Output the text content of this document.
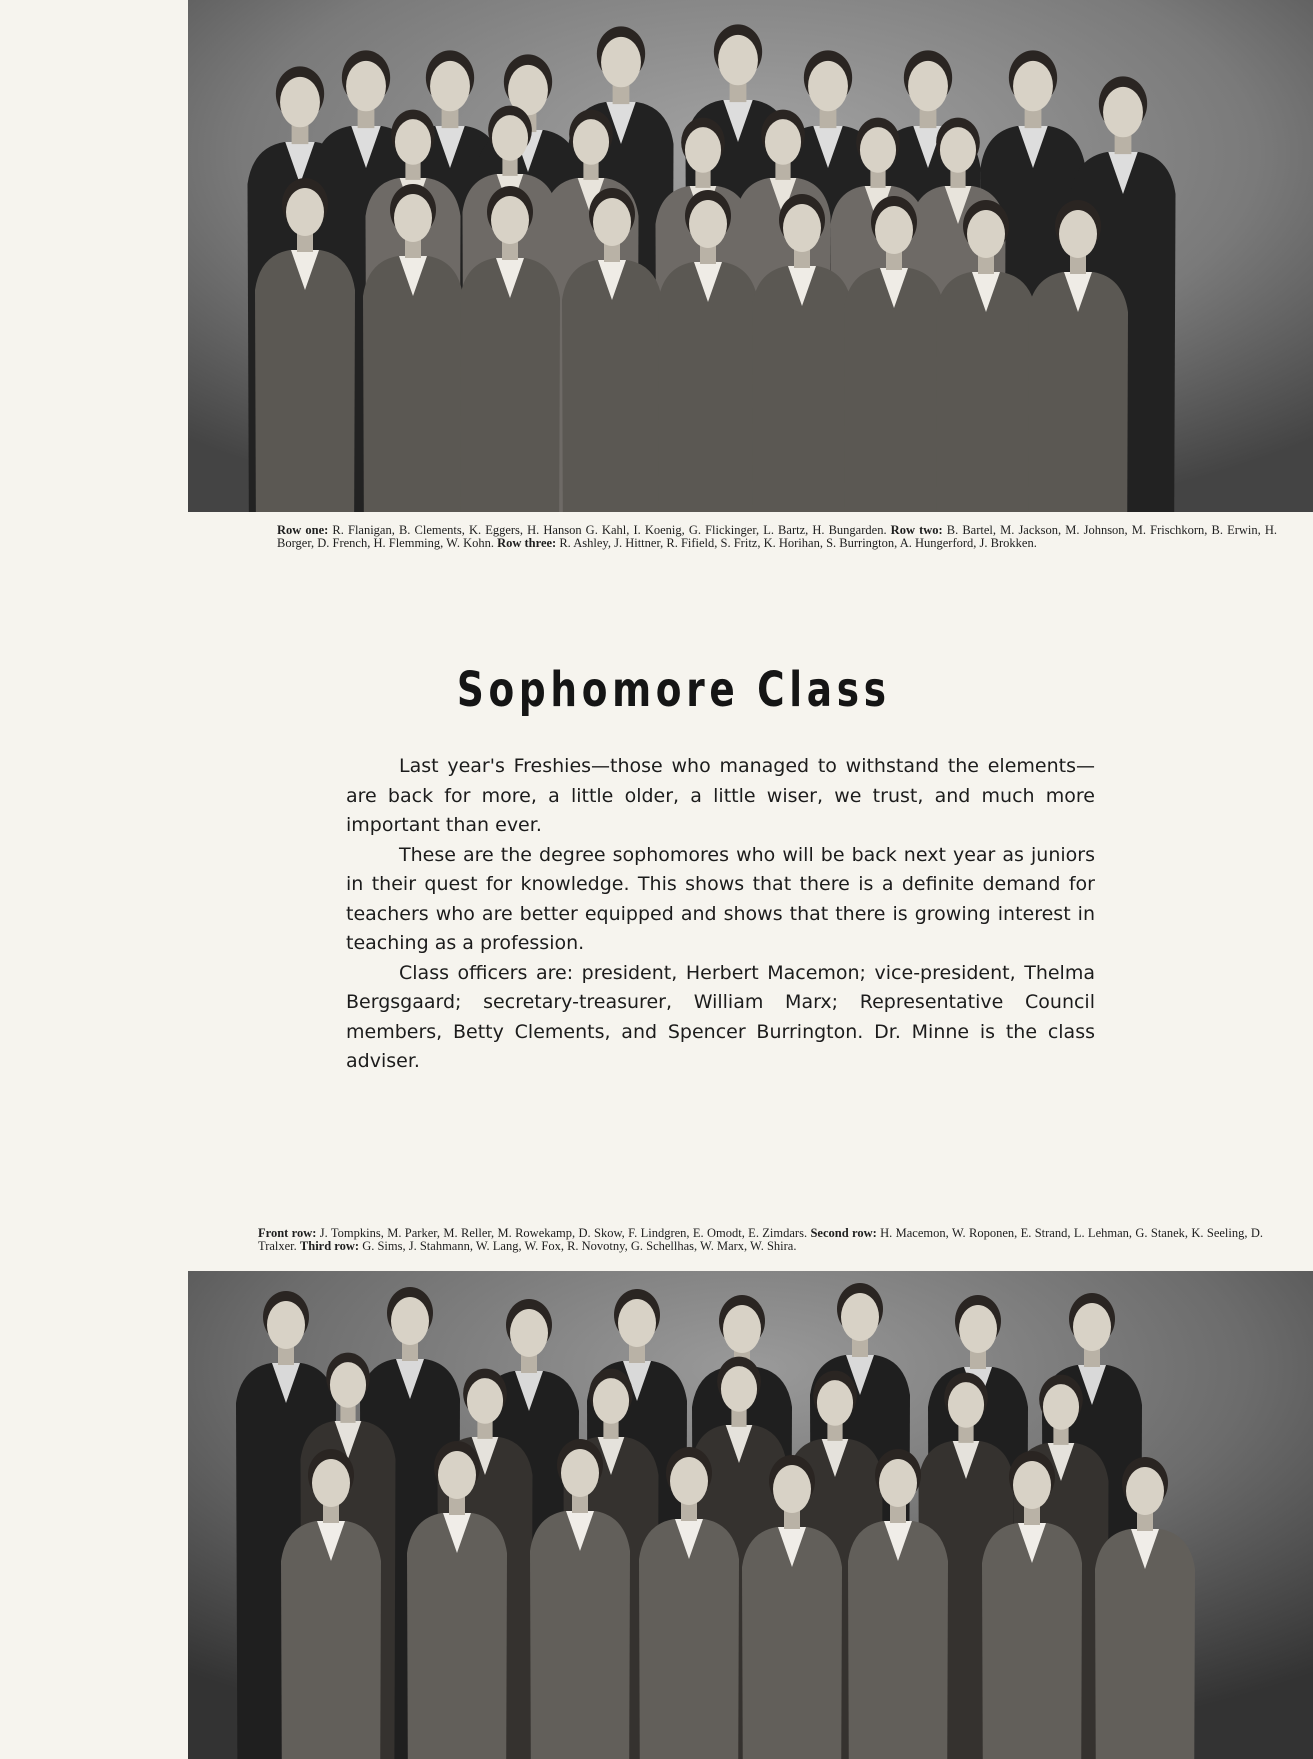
Row one: R. Flanigan, B. Clements, K. Eggers, H. Hanson G. Kahl, I. Koenig, G. Flickinger, L. Bartz, H. Bungarden. Row two: B. Bartel, M. Jackson, M. Johnson, M. Frischkorn, B. Erwin, H. Borger, D. French, H. Flemming, W. Kohn. Row three: R. Ashley, J. Hittner, R. Fifield, S. Fritz, K. Horihan, S. Burrington, A. Hungerford, J. Brokken.
Sophomore Class

Last year's Freshies—those who managed to withstand the elements—are back for more, a little older, a little wiser, we trust, and much more important than ever.

These are the degree sophomores who will be back next year as juniors in their quest for knowledge. This shows that there is a definite demand for teachers who are better equipped and shows that there is growing interest in teaching as a profession.

Class officers are: president, Herbert Macemon; vice-president, Thelma Bergsgaard; secretary-treasurer, William Marx; Representative Council members, Betty Clements, and Spencer Burrington. Dr. Minne is the class adviser.

Front row: J. Tompkins, M. Parker, M. Reller, M. Rowekamp, D. Skow, F. Lindgren, E. Omodt, E. Zimdars. Second row: H. Macemon, W. Roponen, E. Strand, L. Lehman, G. Stanek, K. Seeling, D. Tralxer. Third row: G. Sims, J. Stahmann, W. Lang, W. Fox, R. Novotny, G. Schellhas, W. Marx, W. Shira.
